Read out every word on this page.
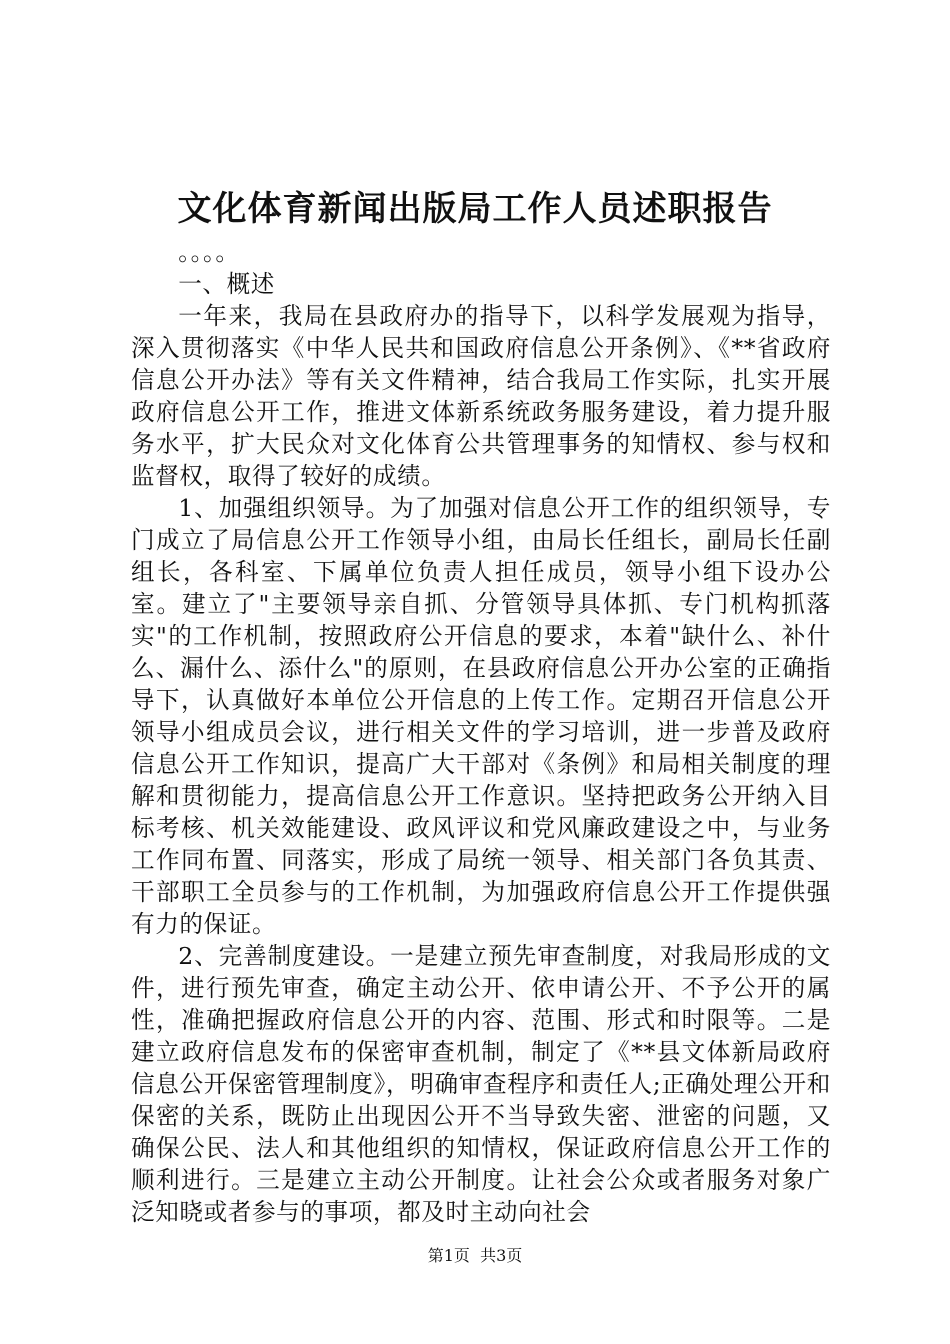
文化体育新闻出版局工作人员述职报告

。。。。

一、概述

一年来，我局在县政府办的指导下，以科学发展观为指导，深入贯彻落实《中华人民共和国政府信息公开条例》、《**省政府信息公开办法》等有关文件精神，结合我局工作实际，扎实开展政府信息公开工作，推进文体新系统政务服务建设，着力提升服务水平，扩大民众对文化体育公共管理事务的知情权、参与权和监督权，取得了较好的成绩。

1、加强组织领导。为了加强对信息公开工作的组织领导，专门成立了局信息公开工作领导小组，由局长任组长，副局长任副组长，各科室、下属单位负责人担任成员，领导小组下设办公室。建立了"主要领导亲自抓、分管领导具体抓、专门机构抓落实"的工作机制，按照政府公开信息的要求，本着"缺什么、补什么、漏什么、添什么"的原则，在县政府信息公开办公室的正确指导下，认真做好本单位公开信息的上传工作。定期召开信息公开领导小组成员会议，进行相关文件的学习培训，进一步普及政府信息公开工作知识，提高广大干部对《条例》和局相关制度的理解和贯彻能力，提高信息公开工作意识。坚持把政务公开纳入目标考核、机关效能建设、政风评议和党风廉政建设之中，与业务工作同布置、同落实，形成了局统一领导、相关部门各负其责、干部职工全员参与的工作机制，为加强政府信息公开工作提供强有力的保证。

2、完善制度建设。一是建立预先审查制度，对我局形成的文件，进行预先审查，确定主动公开、依申请公开、不予公开的属性，准确把握政府信息公开的内容、范围、形式和时限等。二是建立政府信息发布的保密审查机制，制定了《**县文体新局政府信息公开保密管理制度》，明确审查程序和责任人;正确处理公开和保密的关系，既防止出现因公开不当导致失密、泄密的问题，又确保公民、法人和其他组织的知情权，保证政府信息公开工作的顺利进行。三是建立主动公开制度。让社会公众或者服务对象广泛知晓或者参与的事项，都及时主动向社会

第1页  共3页
